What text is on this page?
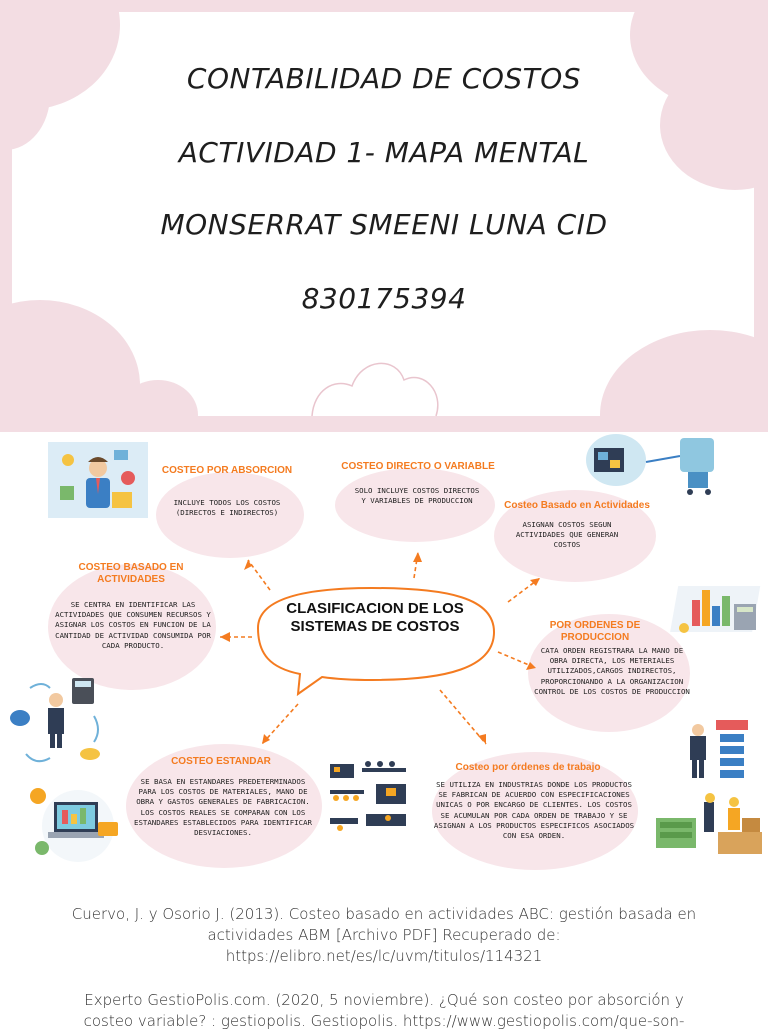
CONTABILIDAD DE COSTOS
ACTIVIDAD 1- MAPA MENTAL
MONSERRAT SMEENI LUNA CID
830175394
CLASIFICACION DE LOS SISTEMAS DE COSTOS
COSTEO POR ABSORCION
INCLUYE TODOS LOS COSTOS (DIRECTOS E INDIRECTOS)
COSTEO DIRECTO O VARIABLE
SOLO INCLUYE COSTOS DIRECTOS Y VARIABLES DE PRODUCCION	Costeo Basado en Actividades
ASIGNAN COSTOS SEGUN ACTIVIDADES QUE GENERAN COSTOS
COSTEO BASADO EN ACTIVIDADES
SE CENTRA EN IDENTIFICAR LAS ACTIVIDADES QUE CONSUMEN RECURSOS Y ASIGNAR LOS COSTOS EN FUNCION DE LA CANTIDAD DE ACTIVIDAD CONSUMIDA POR CADA PRODUCTO.
POR ORDENES DE PRODUCCION
CATA ORDEN REGISTRARA LA MANO DE OBRA DIRECTA, LOS METERIALES UTILIZADOS,CARGOS INDIRECTOS, PROPORCIONANDO A LA ORGANIZACION CONTROL DE LOS COSTOS DE PRODUCCION
COSTEO ESTANDAR
SE BASA EN ESTANDARES PREDETERMINADOS PARA LOS COSTOS DE MATERIALES, MANO DE OBRA Y GASTOS GENERALES DE FABRICACION. LOS COSTOS REALES SE COMPARAN CON LOS ESTANDARES ESTABLECIDOS PARA IDENTIFICAR DESVIACIONES.
Costeo por órdenes de trabajo
SE UTILIZA EN INDUSTRIAS DONDE LOS PRODUCTOS SE FABRICAN DE ACUERDO CON ESPECIFICACIONES UNICAS O POR ENCARGO DE CLIENTES. LOS COSTOS SE ACUMULAN POR CADA ORDEN DE TRABAJO Y SE ASIGNAN A LOS PRODUCTOS ESPECIFICOS ASOCIADOS CON ESA ORDEN.
Cuervo, J. y Osorio J. (2013). Costeo basado en actividades ABC: gestión basada en actividades ABM [Archivo PDF] Recuperado de: https://elibro.net/es/lc/uvm/titulos/114321
Experto GestioPolis.com. (2020, 5 noviembre). ¿Qué son costeo por absorción y costeo variable? : gestiopolis. Gestiopolis. https://www.gestiopolis.com/que-son-
